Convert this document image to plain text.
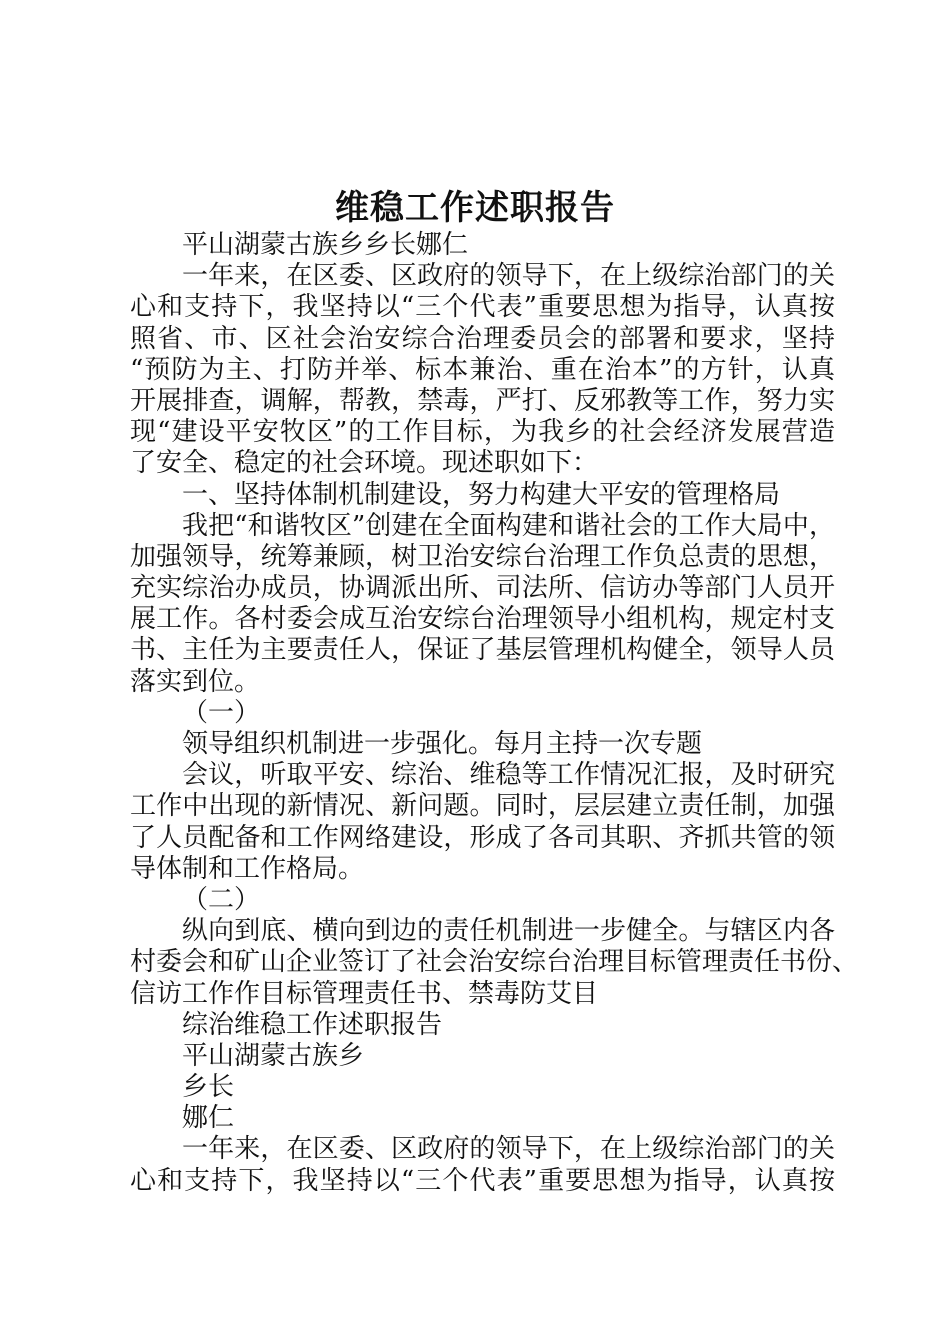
维稳工作述职报告
平山湖蒙古族乡乡长娜仁
一年来，在区委、区政府的领导下，在上级综治部门的关
心和支持下，我坚持以“三个代表”重要思想为指导，认真按
照省、市、区社会治安综合治理委员会的部署和要求，坚持
“预防为主、打防并举、标本兼治、重在治本”的方针，认真
开展排查，调解，帮教，禁毒，严打、反邪教等工作，努力实
现“建设平安牧区”的工作目标，为我乡的社会经济发展营造
了安全、稳定的社会环境。现述职如下：
一、坚持体制机制建设，努力构建大平安的管理格局
我把“和谐牧区”创建在全面构建和谐社会的工作大局中，
加强领导，统筹兼顾，树卫治安综台治理工作负总责的思想，
充实综治办成员，协调派出所、司法所、信访办等部门人员开
展工作。各村委会成互治安综台治理领导小组机构，规定村支
书、主任为主要责任人，保证了基层管理机构健全，领导人员
落实到位。
（一）
领导组织机制进一步强化。每月主持一次专题
会议，听取平安、综治、维稳等工作情况汇报，及时研究
工作中出现的新情况、新问题。同时，层层建立责任制，加强
了人员配备和工作网络建设，形成了各司其职、齐抓共管的领
导体制和工作格局。
（二）
纵向到底、横向到边的责任机制进一步健全。与辖区内各
村委会和矿山企业签订了社会治安综台治理目标管理责任书份、
信访工作作目标管理责任书、禁毒防艾目
综治维稳工作述职报告
平山湖蒙古族乡
乡长
娜仁
一年来，在区委、区政府的领导下，在上级综治部门的关
心和支持下，我坚持以“三个代表”重要思想为指导，认真按
